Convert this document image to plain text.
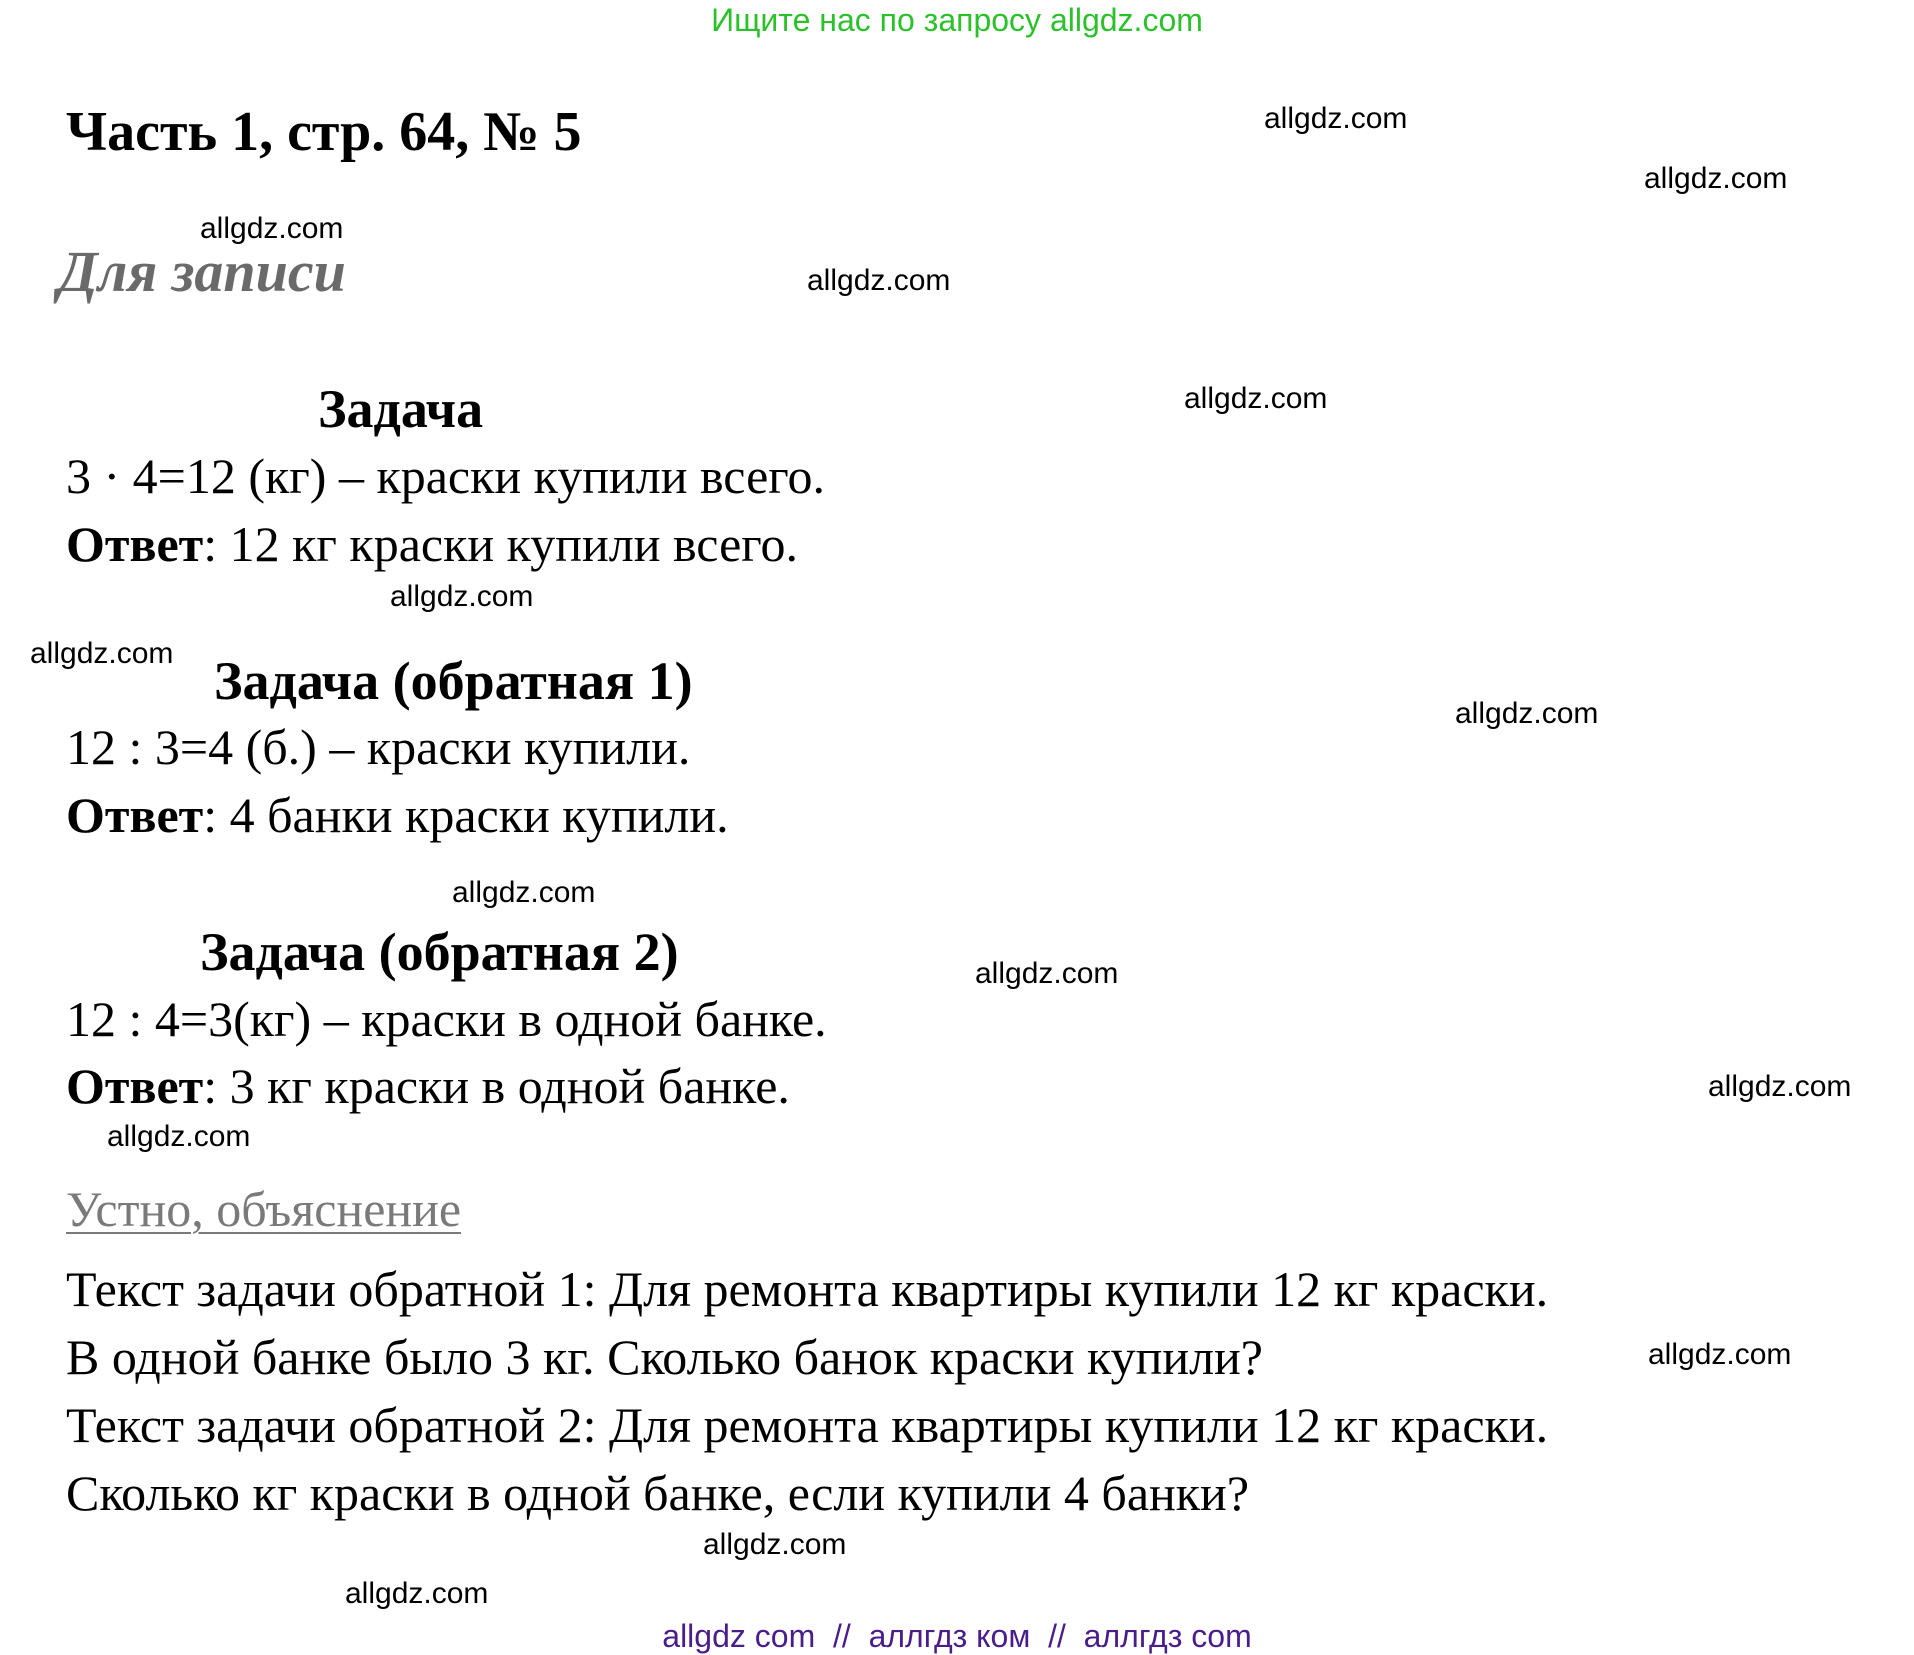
Ищите нас по запросу allgdz.com
Часть 1, стр. 64, № 5
Для записи
Задача
3 · 4=12 (кг) – краски купили всего.
Ответ: 12 кг краски купили всего.
Задача (обратная 1)
12 : 3=4 (б.) – краски купили.
Ответ: 4 банки краски купили.
Задача (обратная 2)
12 : 4=3(кг) – краски в одной банке.
Ответ: 3 кг краски в одной банке.
Устно, объяснение
Текст задачи обратной 1: Для ремонта квартиры купили 12 кг краски.
В одной банке было 3 кг. Сколько банок краски купили?
Текст задачи обратной 2: Для ремонта квартиры купили 12 кг краски.
Сколько кг краски в одной банке, если купили 4 банки?
allgdz.com
allgdz.com
allgdz.com
allgdz.com
allgdz.com
allgdz.com
allgdz.com
allgdz.com
allgdz.com
allgdz.com
allgdz.com
allgdz.com
allgdz.com
allgdz.com
allgdz.com
allgdz com  //  аллгдз ком  //  аллгдз com
